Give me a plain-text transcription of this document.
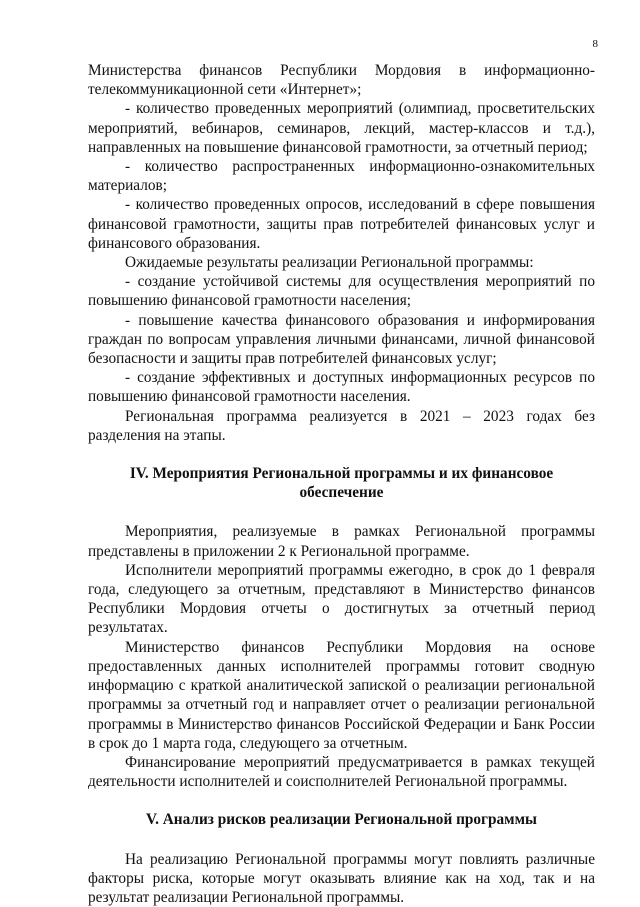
8

Министерства финансов Республики Мордовия в информационно-телекоммуникационной сети «Интернет»;

- количество проведенных мероприятий (олимпиад, просветительских мероприятий, вебинаров, семинаров, лекций, мастер-классов и т.д.), направленных на повышение финансовой грамотности, за отчетный период;

- количество распространенных информационно-ознакомительных материалов;

- количество проведенных опросов, исследований в сфере повышения финансовой грамотности, защиты прав потребителей финансовых услуг и финансового образования.

Ожидаемые результаты реализации Региональной программы:

- создание устойчивой системы для осуществления мероприятий по повышению финансовой грамотности населения;

- повышение качества финансового образования и информирования граждан по вопросам управления личными финансами, личной финансовой безопасности и защиты прав потребителей финансовых услуг;

- создание эффективных и доступных информационных ресурсов по повышению финансовой грамотности населения.

Региональная программа реализуется в 2021 – 2023 годах без разделения на этапы.

IV. Мероприятия Региональной программы и их финансовое обеспечение

Мероприятия, реализуемые в рамках Региональной программы представлены в приложении 2 к Региональной программе.

Исполнители мероприятий программы ежегодно, в срок до 1 февраля года, следующего за отчетным, представляют в Министерство финансов Республики Мордовия отчеты о достигнутых за отчетный период результатах.

Министерство финансов Республики Мордовия на основе предоставленных данных исполнителей программы готовит сводную информацию с краткой аналитической запиской о реализации региональной программы за отчетный год и направляет отчет о реализации региональной программы в Министерство финансов Российской Федерации и Банк России в срок до 1 марта года, следующего за отчетным.

Финансирование мероприятий предусматривается в рамках текущей деятельности исполнителей и соисполнителей Региональной программы.

V. Анализ рисков реализации Региональной программы

На реализацию Региональной программы могут повлиять различные факторы риска, которые могут оказывать влияние как на ход, так и на результат реализации Региональной программы.
